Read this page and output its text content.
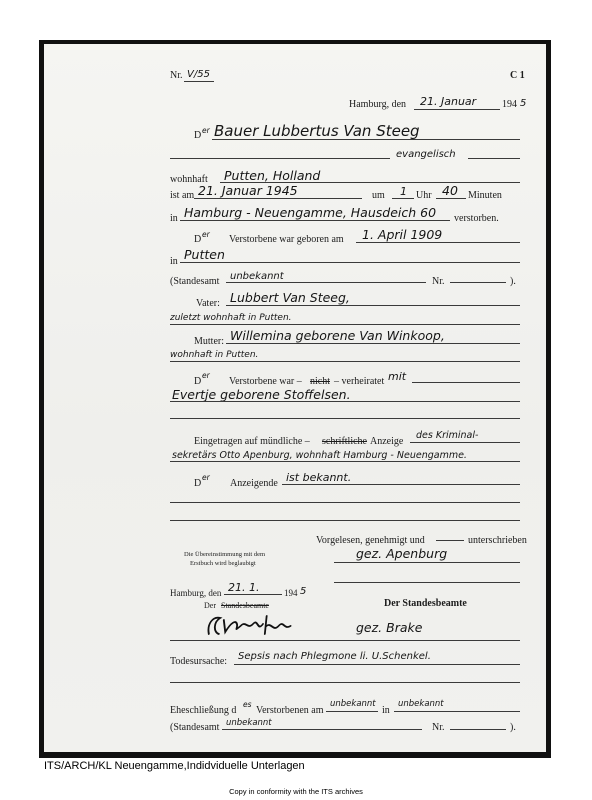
Nr. V/55	C 1
Hamburg, den 21. Januar	194 5
D er Bauer Lubbertus Van Steeg
evangelisch
wohnhaft Putten, Holland
ist am 21. Januar 1945	um 1 Uhr 40 Minuten
in Hamburg - Neuengamme, Hausdeich 60 verstorben.
D er Verstorbene war geboren am 1. April 1909
in Putten
(Standesamt unbekannt	Nr.	).
Vater: Lubbert Van Steeg,
zuletzt wohnhaft in Putten.
Mutter: Willemina geborene Van Winkoop,
wohnhaft in Putten.
D
er
Verstorbene war – nicht – verheiratet mit
Evertje geborene Stoffelsen.
Eingetragen auf mündliche – schriftliche Anzeige
des Kriminal-
sekretärs Otto Apenburg, wohnhaft Hamburg - Neuengamme.
D
er
Anzeigende ist bekannt.
Vorgelesen, genehmigt und	unterschrieben
Die Übereinstimmung mit dem
Erstbuch wird beglaubigt
gez. Apenburg
Hamburg, den 21. 1.	194 5
Der Standesbeamte	Der Standesbeamte
gez. Brake
Todesursache: Sepsis nach Phlegmone li. U.Schenkel.
Eheschließung d
es
Verstorbenen am
unbekannt
in
unbekannt
(Standesamt unbekannt	Nr.	).
ITS/ARCH/KL Neuengamme,Indidviduelle Unterlagen
Copy in conformity with the ITS archives
